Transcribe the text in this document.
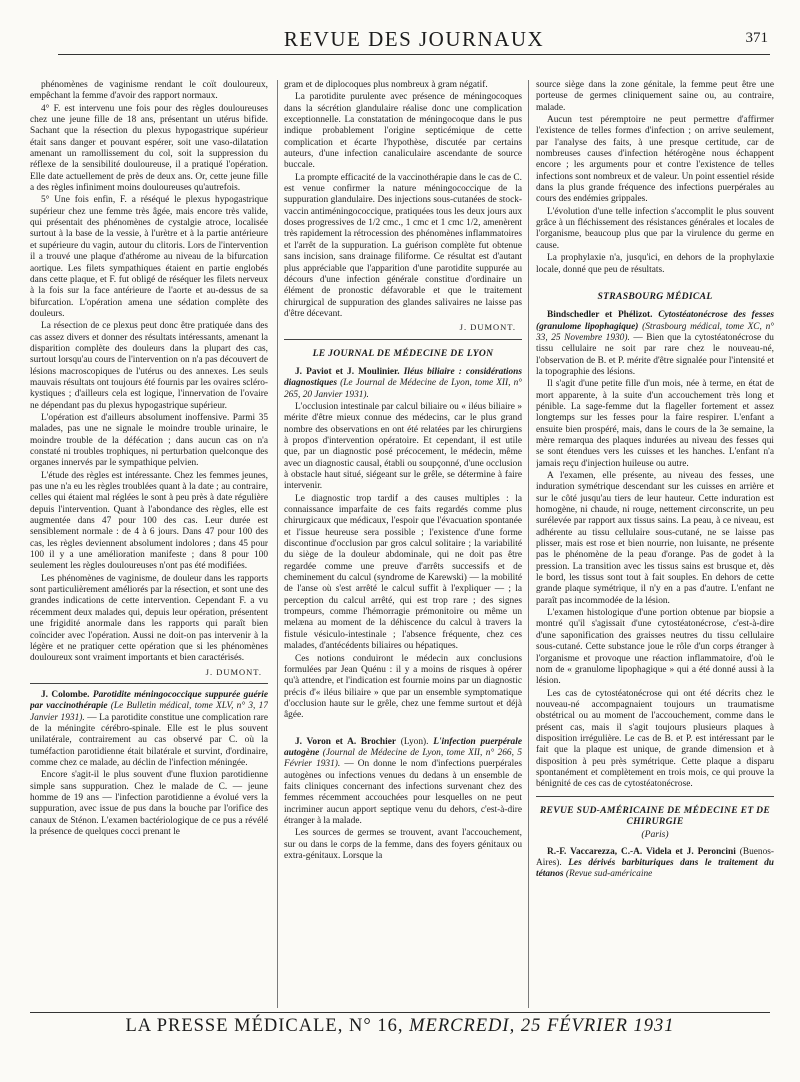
REVUE DES JOURNAUX	371

phénomènes de vaginisme rendant le coït douloureux, empêchant la femme d'avoir des rapport normaux.

4° F. est intervenu une fois pour des règles douloureuses chez une jeune fille de 18 ans, présentant un utérus bifide. Sachant que la résection du plexus hypogastrique supérieur était sans danger et pouvant espérer, soit une vaso-dilatation amenant un ramollissement du col, soit la suppression du réflexe de la sensibilité douloureuse, il a pratiqué l'opération. Elle date actuellement de près de deux ans. Or, cette jeune fille a des règles infiniment moins douloureuses qu'autrefois.

5° Une fois enfin, F. a réséqué le plexus hypogastrique supérieur chez une femme très âgée, mais encore très valide, qui présentait des phénomènes de cystalgie atroce, localisée surtout à la base de la vessie, à l'urètre et à la partie antérieure et supérieure du vagin, autour du clitoris. Lors de l'intervention il a trouvé une plaque d'athérome au niveau de la bifurcation aortique. Les filets sympathiques étaient en partie englobés dans cette plaque, et F. fut obligé de réséquer les filets nerveux à la fois sur la face antérieure de l'aorte et au-dessus de sa bifurcation. L'opération amena une sédation complète des douleurs.

La résection de ce plexus peut donc être pratiquée dans des cas assez divers et donner des résultats intéressants, amenant la disparition complète des douleurs dans la plupart des cas, surtout lorsqu'au cours de l'intervention on n'a pas découvert de lésions macroscopiques de l'utérus ou des annexes. Les seuls mauvais résultats ont toujours été fournis par les ovaires scléro-kystiques ; d'ailleurs cela est logique, l'innervation de l'ovaire ne dépendant pas du plexus hypogastrique supérieur.

L'opération est d'ailleurs absolument inoffensive. Parmi 35 malades, pas une ne signale le moindre trouble urinaire, le moindre trouble de la défécation ; dans aucun cas on n'a constaté ni troubles trophiques, ni perturbation quelconque des organes innervés par le sympathique pelvien.

L'étude des règles est intéressante. Chez les femmes jeunes, pas une n'a eu les règles troublées quant à la date ; au contraire, celles qui étaient mal réglées le sont à peu près à date régulière depuis l'intervention. Quant à l'abondance des règles, elle est augmentée dans 47 pour 100 des cas. Leur durée est sensiblement normale : de 4 à 6 jours. Dans 47 pour 100 des cas, les règles deviennent absolument indolores ; dans 45 pour 100 il y a une amélioration manifeste ; dans 8 pour 100 seulement les règles douloureuses n'ont pas été modifiées.

Les phénomènes de vaginisme, de douleur dans les rapports sont particulièrement améliorés par la résection, et sont une des grandes indications de cette intervention. Cependant F. a vu récemment deux malades qui, depuis leur opération, présentent une frigidité anormale dans les rapports qui paraît bien coïncider avec l'opération. Aussi ne doit-on pas intervenir à la légère et ne pratiquer cette opération que si les phénomènes douloureux sont vraiment importants et bien caractérisés.

J. DUMONT.

J. Colombe. Parotidite méningococcique suppurée guérie par vaccinothérapie (Le Bulletin médical, tome XLV, n° 3, 17 Janvier 1931). — La parotidite constitue une complication rare de la méningite cérébro-spinale. Elle est le plus souvent unilatérale, contrairement au cas observé par C. où la tuméfaction parotidienne était bilatérale et survint, d'ordinaire, comme chez ce malade, au déclin de l'infection méningée.

Encore s'agit-il le plus souvent d'une fluxion parotidienne simple sans suppuration. Chez le malade de C. — jeune homme de 19 ans — l'infection parotidienne a évolué vers la suppuration, avec issue de pus dans la bouche par l'orifice des canaux de Sténon. L'examen bactériologique de ce pus a révélé la présence de quelques cocci prenant le

gram et de diplocoques plus nombreux à gram négatif.

La parotidite purulente avec présence de méningocoques dans la sécrétion glandulaire réalise donc une complication exceptionnelle. La constatation de méningocoque dans le pus indique probablement l'origine septicémique de cette complication et écarte l'hypothèse, discutée par certains auteurs, d'une infection canaliculaire ascendante de source buccale.

La prompte efficacité de la vaccinothérapie dans le cas de C. est venue confirmer la nature méningococcique de la suppuration glandulaire. Des injections sous-cutanées de stock-vaccin antiméningococcique, pratiquées tous les deux jours aux doses progressives de 1/2 cmc., 1 cmc et 1 cmc 1/2, amenèrent très rapidement la rétrocession des phénomènes inflammatoires et l'arrêt de la suppuration. La guérison complète fut obtenue sans incision, sans drainage filiforme. Ce résultat est d'autant plus appréciable que l'apparition d'une parotidite suppurée au décours d'une infection générale constitue d'ordinaire un élément de pronostic défavorable et que le traitement chirurgical de suppuration des glandes salivaires ne laisse pas d'être décevant.

J. DUMONT.

LE JOURNAL DE MÉDECINE DE LYON

J. Paviot et J. Moulinier. Iléus biliaire : considérations diagnostiques (Le Journal de Médecine de Lyon, tome XII, n° 265, 20 Janvier 1931).

L'occlusion intestinale par calcul biliaire ou « iléus biliaire » mérite d'être mieux connue des médecins, car le plus grand nombre des observations en ont été relatées par les chirurgiens à propos d'intervention opératoire. Et cependant, il est utile que, par un diagnostic posé précocement, le médecin, même avec un diagnostic causal, établi ou soupçonné, d'une occlusion à obstacle haut situé, siégeant sur le grêle, se détermine à faire intervenir.

Le diagnostic trop tardif a des causes multiples : la connaissance imparfaite de ces faits regardés comme plus chirurgicaux que médicaux, l'espoir que l'évacuation spontanée et l'issue heureuse sera possible ; l'existence d'une forme discontinue d'occlusion par gros calcul solitaire ; la variabilité du siège de la douleur abdominale, qui ne doit pas être regardée comme une preuve d'arrêts successifs et de cheminement du calcul (syndrome de Karewski) — la mobilité de l'anse où s'est arrêté le calcul suffit à l'expliquer — ; la perception du calcul arrêté, qui est trop rare ; des signes trompeurs, comme l'hémorragie prémonitoire ou même un melæna au moment de la déhiscence du calcul à travers la fistule vésiculo-intestinale ; l'absence fréquente, chez ces malades, d'antécédents biliaires ou hépatiques.

Ces notions conduiront le médecin aux conclusions formulées par Jean Quénu : il y a moins de risques à opérer qu'à attendre, et l'indication est fournie moins par un diagnostic précis d'« iléus biliaire » que par un ensemble symptomatique d'occlusion haute sur le grêle, chez une femme surtout et déjà âgée.

J. Voron et A. Brochier (Lyon). L'infection puerpérale autogène (Journal de Médecine de Lyon, tome XII, n° 266, 5 Février 1931). — On donne le nom d'infections puerpérales autogènes ou infections venues du dedans à un ensemble de faits cliniques concernant des infections survenant chez des femmes récemment accouchées pour lesquelles on ne peut incriminer aucun apport septique venu du dehors, c'est-à-dire étranger à la malade.

Les sources de germes se trouvent, avant l'accouchement, sur ou dans le corps de la femme, dans des foyers génitaux ou extra-génitaux. Lorsque la

source siège dans la zone génitale, la femme peut être une porteuse de germes cliniquement saine ou, au contraire, malade.

Aucun test péremptoire ne peut permettre d'affirmer l'existence de telles formes d'infection ; on arrive seulement, par l'analyse des faits, à une presque certitude, car de nombreuses causes d'infection hétérogène nous échappent encore ; les arguments pour et contre l'existence de telles infections sont nombreux et de valeur. Un point essentiel réside dans la plus grande fréquence des infections puerpérales au cours des endémies grippales.

L'évolution d'une telle infection s'accomplit le plus souvent grâce à un fléchissement des résistances générales et locales de l'organisme, beaucoup plus que par la virulence du germe en cause.

La prophylaxie n'a, jusqu'ici, en dehors de la prophylaxie locale, donné que peu de résultats.

STRASBOURG MÉDICAL

Bindschedler et Phélizot. Cytostéatonécrose des fesses (granulome lipophagique) (Strasbourg médical, tome XC, n° 33, 25 Novembre 1930). — Bien que la cytostéatonécrose du tissu cellulaire ne soit par rare chez le nouveau-né, l'observation de B. et P. mérite d'être signalée pour l'intensité et la topographie des lésions.

Il s'agit d'une petite fille d'un mois, née à terme, en état de mort apparente, à la suite d'un accouchement très long et pénible. La sage-femme dut la flageller fortement et assez longtemps sur les fesses pour la faire respirer. L'enfant a ensuite bien prospéré, mais, dans le cours de la 3e semaine, la mère remarqua des plaques indurées au niveau des fesses qui se sont étendues vers les cuisses et les hanches. L'enfant n'a jamais reçu d'injection huileuse ou autre.

A l'examen, elle présente, au niveau des fesses, une induration symétrique descendant sur les cuisses en arrière et sur le côté jusqu'au tiers de leur hauteur. Cette induration est homogène, ni chaude, ni rouge, nettement circonscrite, un peu surélevée par rapport aux tissus sains. La peau, à ce niveau, est adhérente au tissu cellulaire sous-cutané, ne se laisse pas plisser, mais est rose et bien nourrie, non luisante, ne présente pas le phénomène de la peau d'orange. Pas de godet à la pression. La transition avec les tissus sains est brusque et, dès le bord, les tissus sont tout à fait souples. En dehors de cette grande plaque symétrique, il n'y en a pas d'autre. L'enfant ne paraît pas incommodée de la lésion.

L'examen histologique d'une portion obtenue par biopsie a montré qu'il s'agissait d'une cytostéatonécrose, c'est-à-dire d'une saponification des graisses neutres du tissu cellulaire sous-cutané. Cette substance joue le rôle d'un corps étranger à l'organisme et provoque une réaction inflammatoire, d'où le nom de « granulome lipophagique » qui a été donné aussi à la lésion.

Les cas de cytostéatonécrose qui ont été décrits chez le nouveau-né accompagnaient toujours un traumatisme obstétrical ou au moment de l'accouchement, comme dans le présent cas, mais il s'agit toujours plusieurs plaques à disposition irrégulière. Le cas de B. et P. est intéressant par le fait que la plaque est unique, de grande dimension et à disposition à peu près symétrique. Cette plaque a disparu spontanément et complètement en trois mois, ce qui prouve la bénignité de ces cas de cytostéatonécrose.

REVUE SUD-AMÉRICAINE DE MÉDECINE ET DE CHIRURGIE
(Paris)

R.-F. Vaccarezza, C.-A. Videla et J. Peroncini (Buenos-Aires). Les dérivés barbituriques dans le traitement du tétanos (Revue sud-américaine

LA PRESSE MÉDICALE, N° 16, MERCREDI, 25 FÉVRIER 1931
